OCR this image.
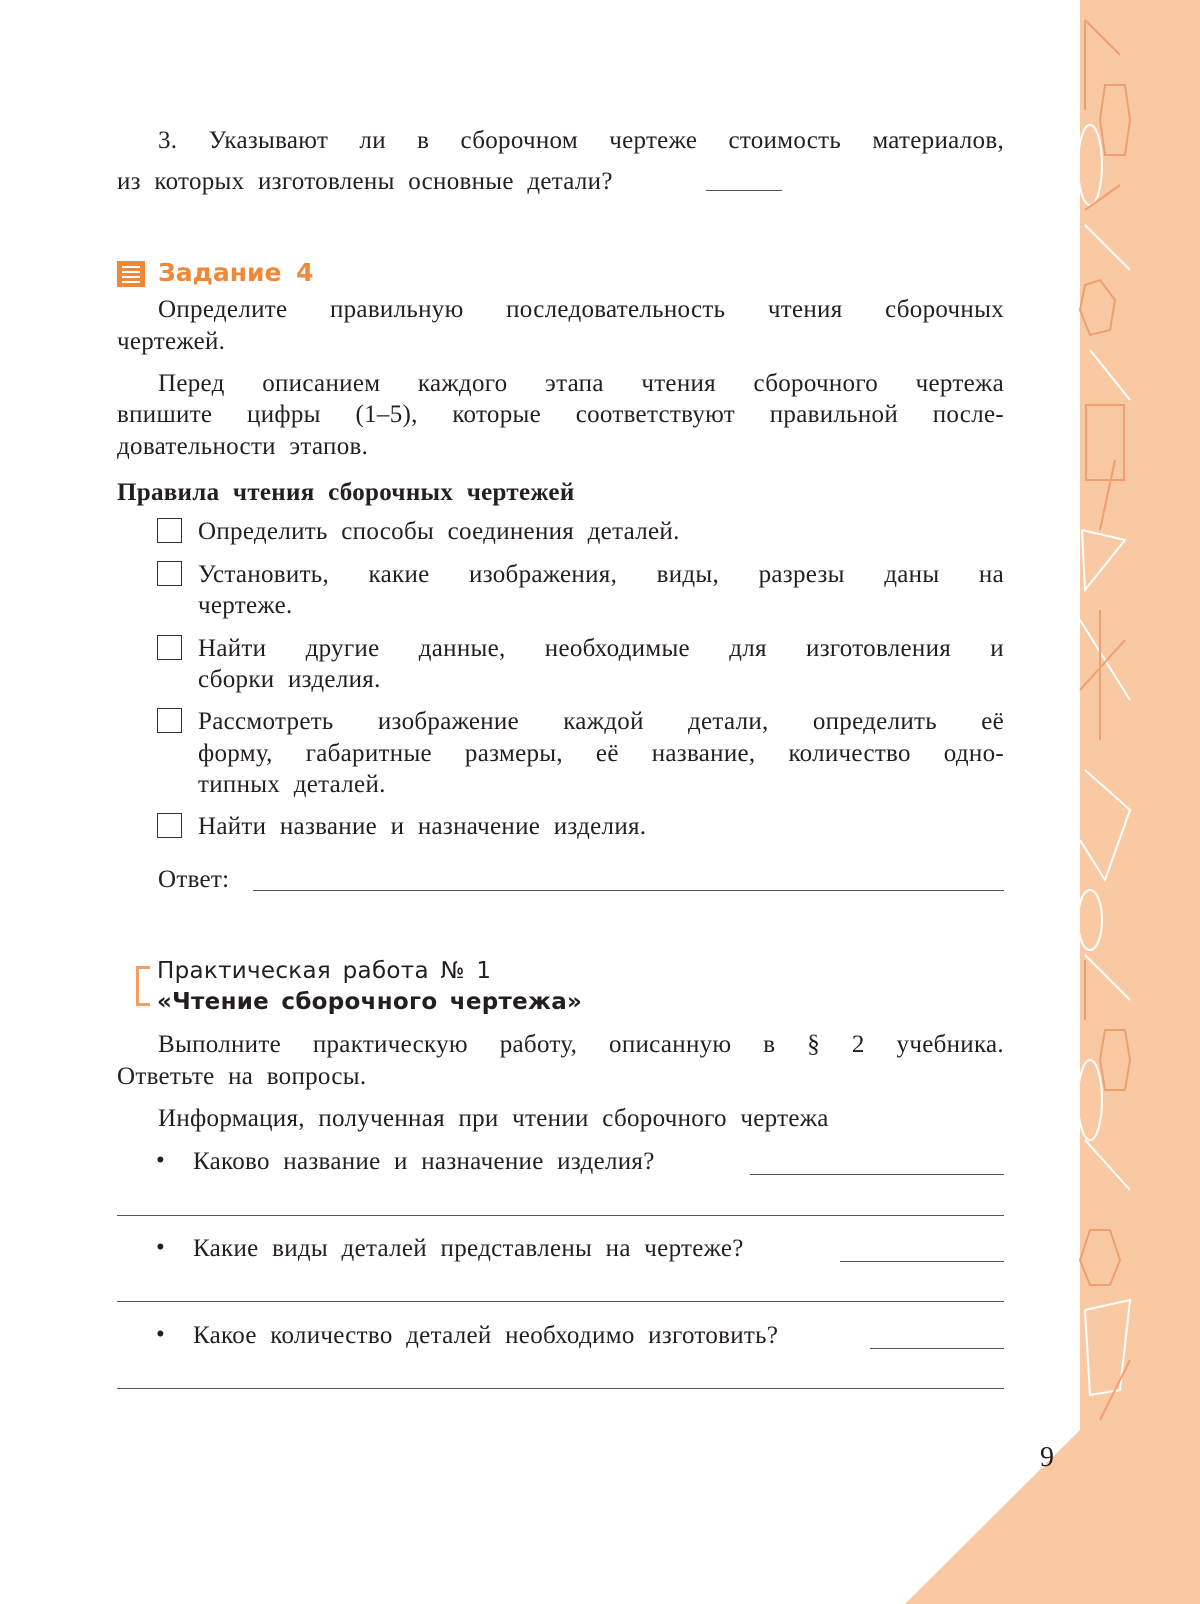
3. Указывают ли в сборочном чертеже стоимость материалов,
из которых изготовлены основные детали?
Задание 4
Определите правильную последовательность чтения сборочных
чертежей.
Перед описанием каждого этапа чтения сборочного чертежа
впишите цифры (1–5), которые соответствуют правильной после-
довательности этапов.
Правила чтения сборочных чертежей
Определить способы соединения деталей.
Установить, какие изображения, виды, разрезы даны на
чертеже.
Найти другие данные, необходимые для изготовления и
сборки изделия.
Рассмотреть изображение каждой детали, определить её
форму, габаритные размеры, её название, количество одно-
типных деталей.
Найти название и назначение изделия.
Ответ:
Практическая работа № 1
«Чтение сборочного чертежа»
Выполните практическую работу, описанную в § 2 учебника.
Ответьте на вопросы.
Информация, полученная при чтении сборочного чертежа
• Каково название и назначение изделия?
• Какие виды деталей представлены на чертеже?
• Какое количество деталей необходимо изготовить?
9
